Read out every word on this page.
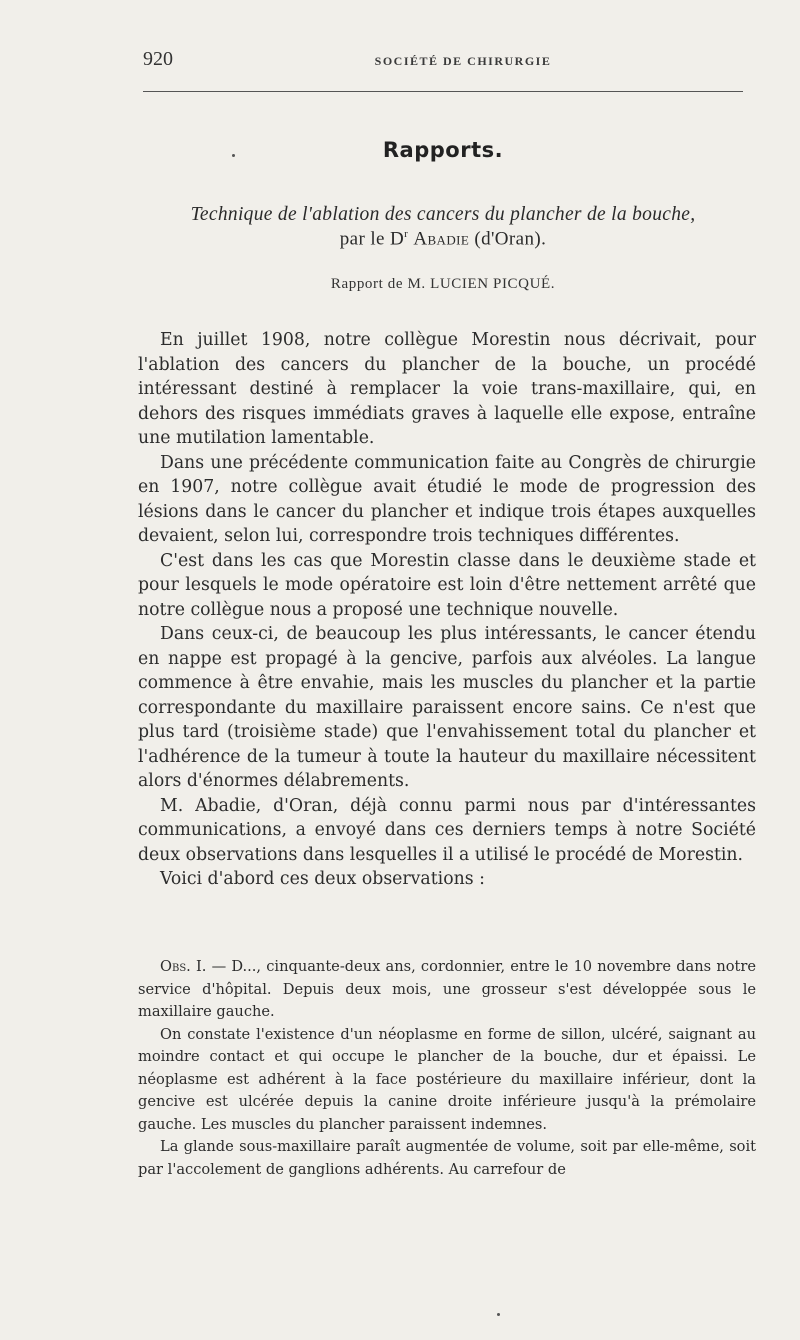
920	SOCIÉTÉ DE CHIRURGIE
Rapports.
Technique de l'ablation des cancers du plancher de la bouche,
par le $D^r$ Abadie (d'Oran).
Rapport de M. LUCIEN PICQUÉ.

En juillet 1908, notre collègue Morestin nous décrivait, pour l'ablation des cancers du plancher de la bouche, un procédé intéressant destiné à remplacer la voie trans-maxillaire, qui, en dehors des risques immédiats graves à laquelle elle expose, entraîne une mutilation lamentable.

Dans une précédente communication faite au Congrès de chirurgie en 1907, notre collègue avait étudié le mode de progression des lésions dans le cancer du plancher et indique trois étapes auxquelles devaient, selon lui, correspondre trois techniques différentes.

C'est dans les cas que Morestin classe dans le deuxième stade et pour lesquels le mode opératoire est loin d'être nettement arrêté que notre collègue nous a proposé une technique nouvelle.

Dans ceux-ci, de beaucoup les plus intéressants, le cancer étendu en nappe est propagé à la gencive, parfois aux alvéoles. La langue commence à être envahie, mais les muscles du plancher et la partie correspondante du maxillaire paraissent encore sains. Ce n'est que plus tard (troisième stade) que l'envahissement total du plancher et l'adhérence de la tumeur à toute la hauteur du maxillaire nécessitent alors d'énormes délabrements.

M. Abadie, d'Oran, déjà connu parmi nous par d'intéressantes communications, a envoyé dans ces derniers temps à notre Société deux observations dans lesquelles il a utilisé le procédé de Morestin.

Voici d'abord ces deux observations :

Obs. I. — D..., cinquante-deux ans, cordonnier, entre le 10 novembre dans notre service d'hôpital. Depuis deux mois, une grosseur s'est développée sous le maxillaire gauche.

On constate l'existence d'un néoplasme en forme de sillon, ulcéré, saignant au moindre contact et qui occupe le plancher de la bouche, dur et épaissi. Le néoplasme est adhérent à la face postérieure du maxillaire inférieur, dont la gencive est ulcérée depuis la canine droite inférieure jusqu'à la prémolaire gauche. Les muscles du plancher paraissent indemnes.

La glande sous-maxillaire paraît augmentée de volume, soit par elle-même, soit par l'accolement de ganglions adhérents. Au carrefour de
